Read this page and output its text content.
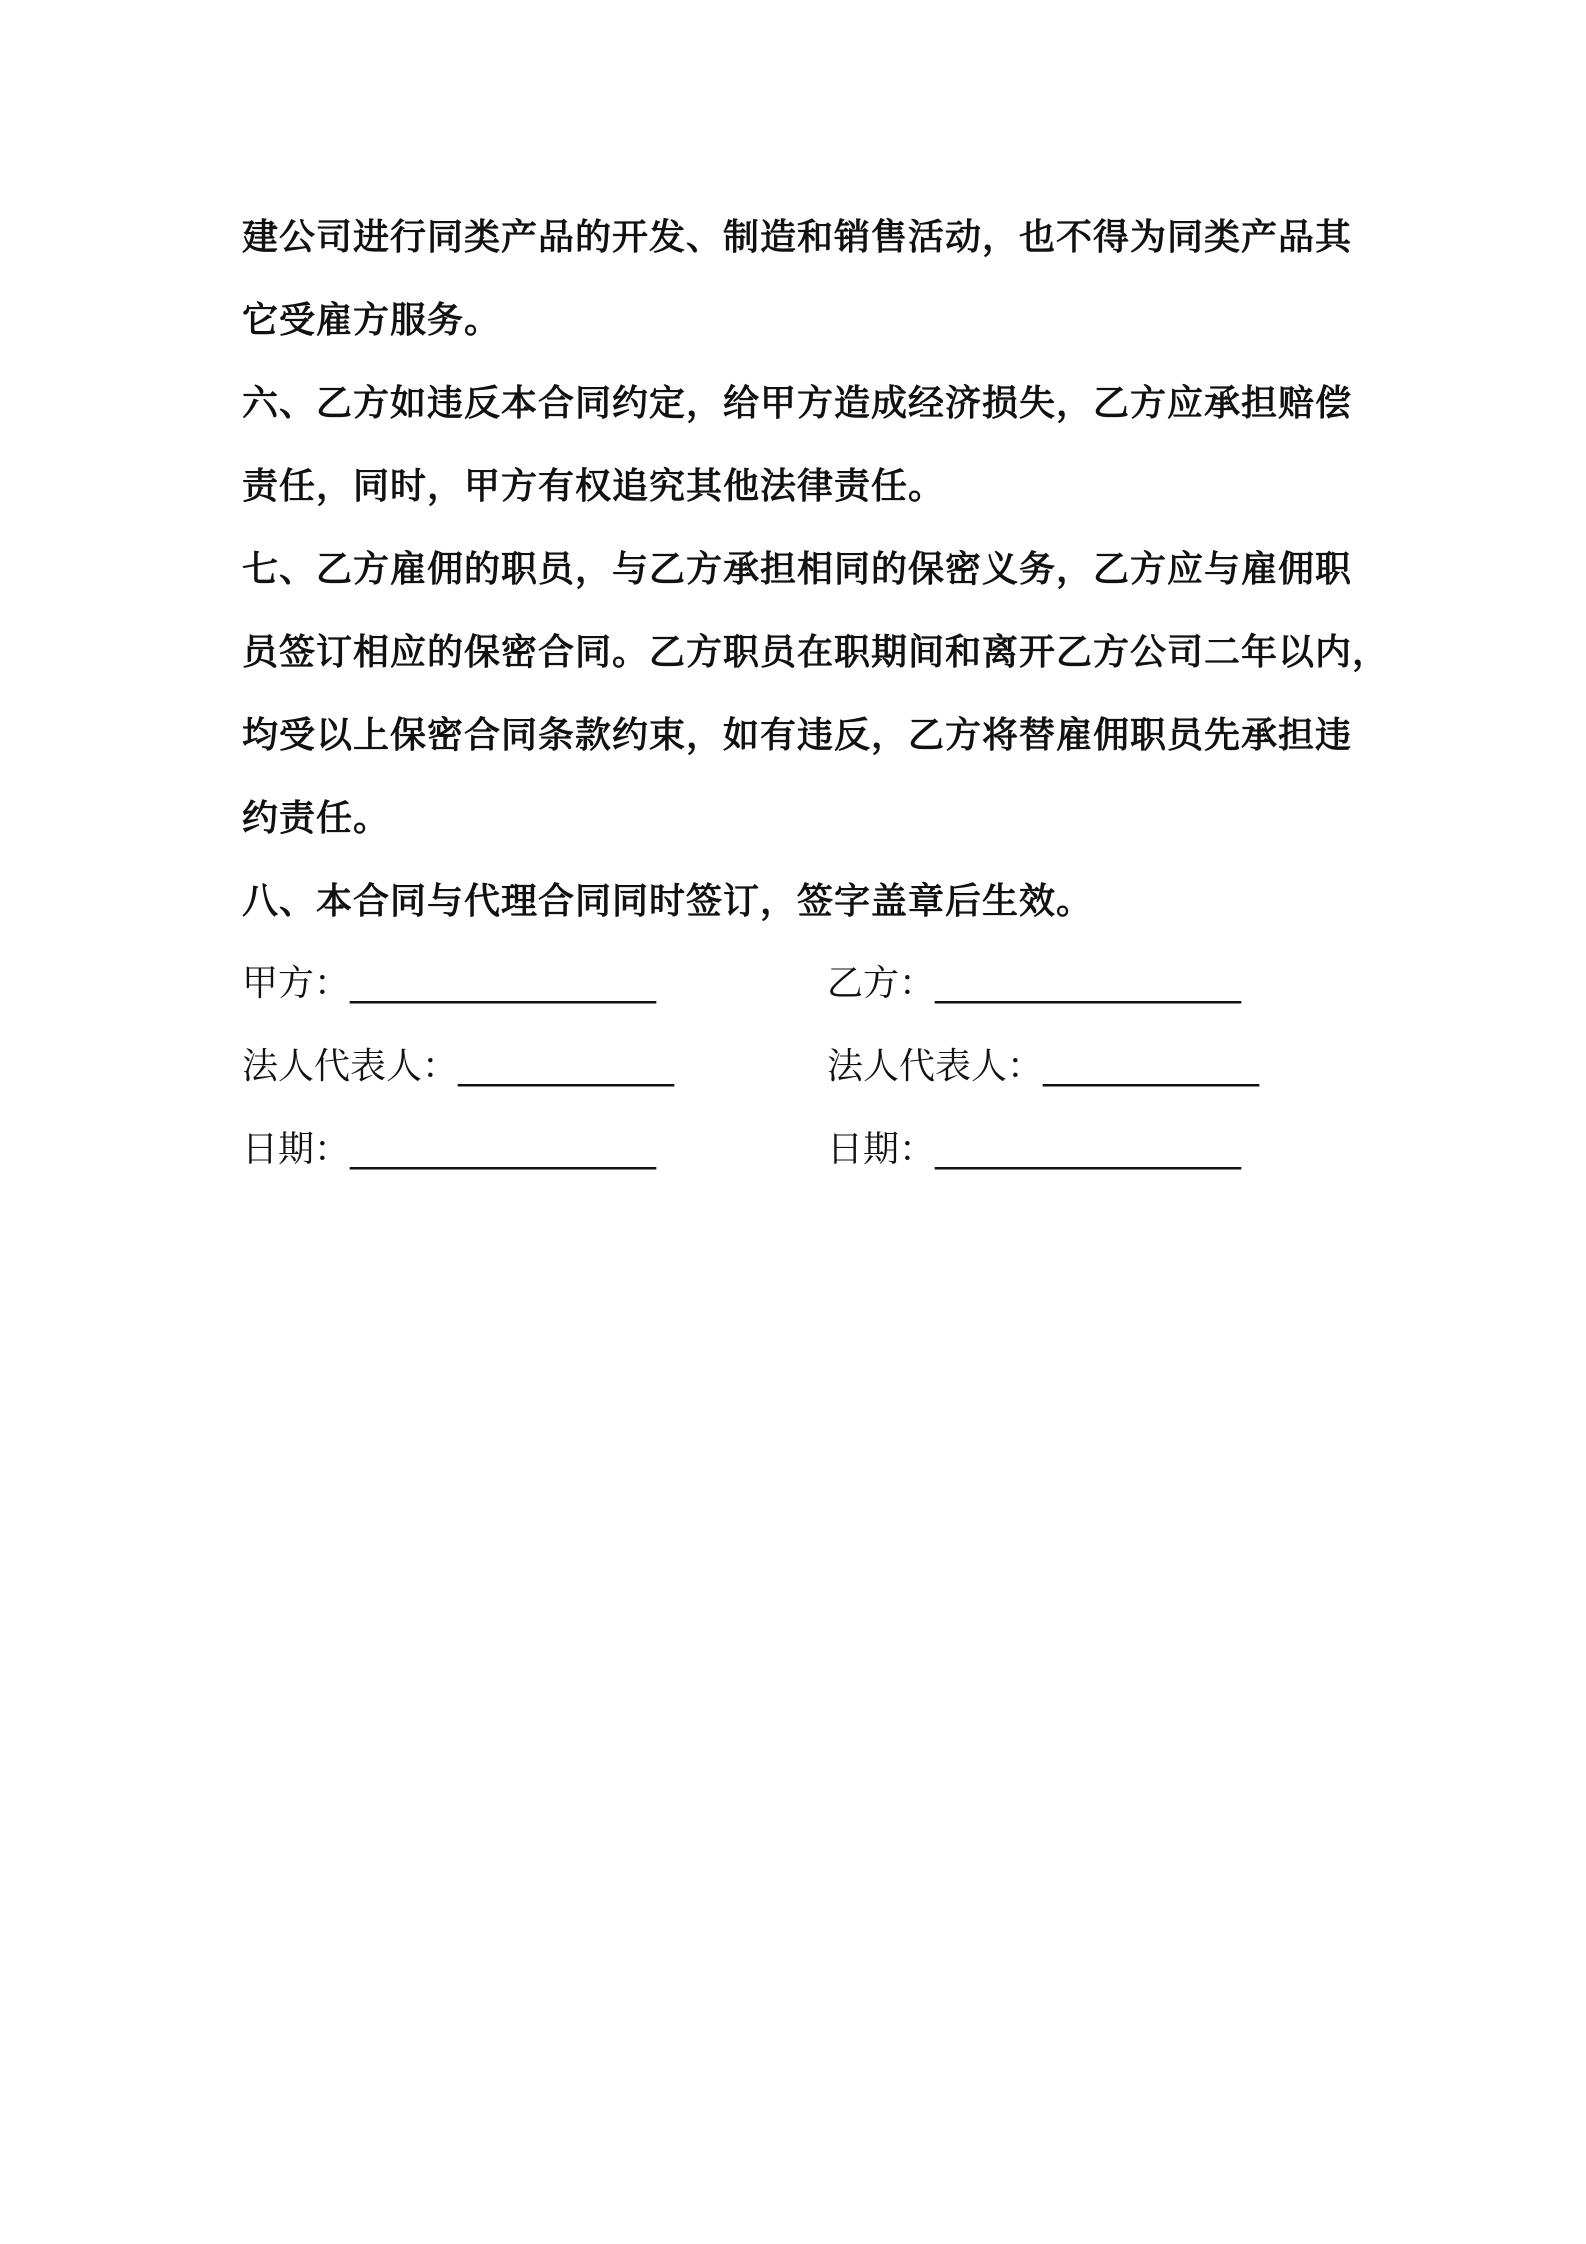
建公司进行同类产品的开发、制造和销售活动，也不得为同类产品其
它受雇方服务。
六、乙方如违反本合同约定，给甲方造成经济损失，乙方应承担赔偿
责任，同时，甲方有权追究其他法律责任。
七、乙方雇佣的职员，与乙方承担相同的保密义务，乙方应与雇佣职
员签订相应的保密合同。乙方职员在职期间和离开乙方公司二年以内，
均受以上保密合同条款约束，如有违反，乙方将替雇佣职员先承担违
约责任。
八、本合同与代理合同同时签订，签字盖章后生效。
甲方：_________________	乙方：_________________
法人代表人：____________	法人代表人：____________
日期：_________________	日期：_________________
